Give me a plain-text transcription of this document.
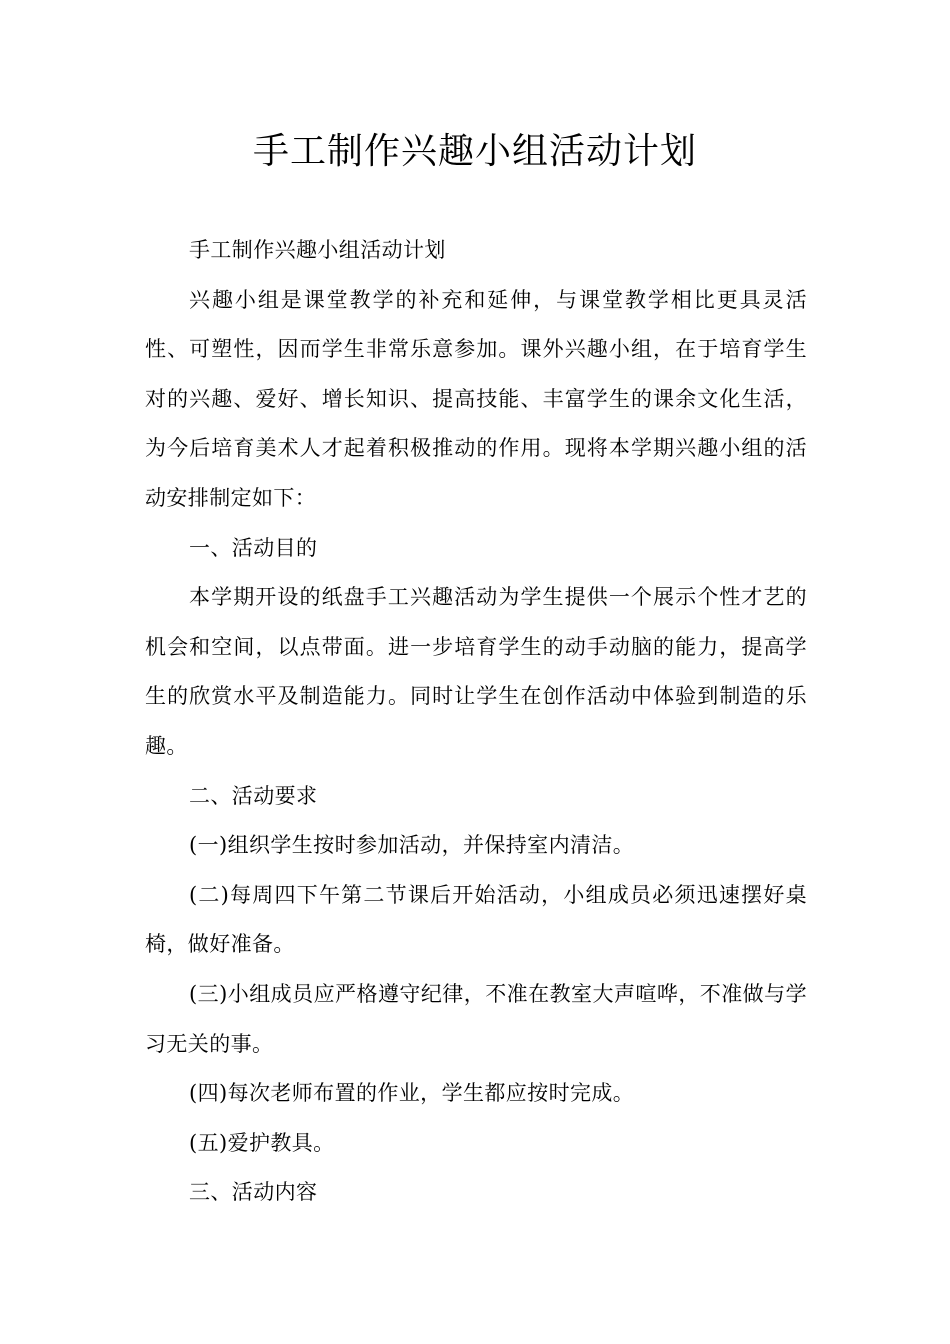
手工制作兴趣小组活动计划

手工制作兴趣小组活动计划

兴趣小组是课堂教学的补充和延伸，与课堂教学相比更具灵活性、可塑性，因而学生非常乐意参加。课外兴趣小组，在于培育学生对的兴趣、爱好、增长知识、提高技能、丰富学生的课余文化生活，为今后培育美术人才起着积极推动的作用。现将本学期兴趣小组的活动安排制定如下：

一、活动目的

本学期开设的纸盘手工兴趣活动为学生提供一个展示个性才艺的机会和空间，以点带面。进一步培育学生的动手动脑的能力，提高学生的欣赏水平及制造能力。同时让学生在创作活动中体验到制造的乐趣。

二、活动要求

(一)组织学生按时参加活动，并保持室内清洁。

(二)每周四下午第二节课后开始活动，小组成员必须迅速摆好桌椅，做好准备。

(三)小组成员应严格遵守纪律，不准在教室大声喧哗，不准做与学习无关的事。

(四)每次老师布置的作业，学生都应按时完成。

(五)爱护教具。

三、活动内容
